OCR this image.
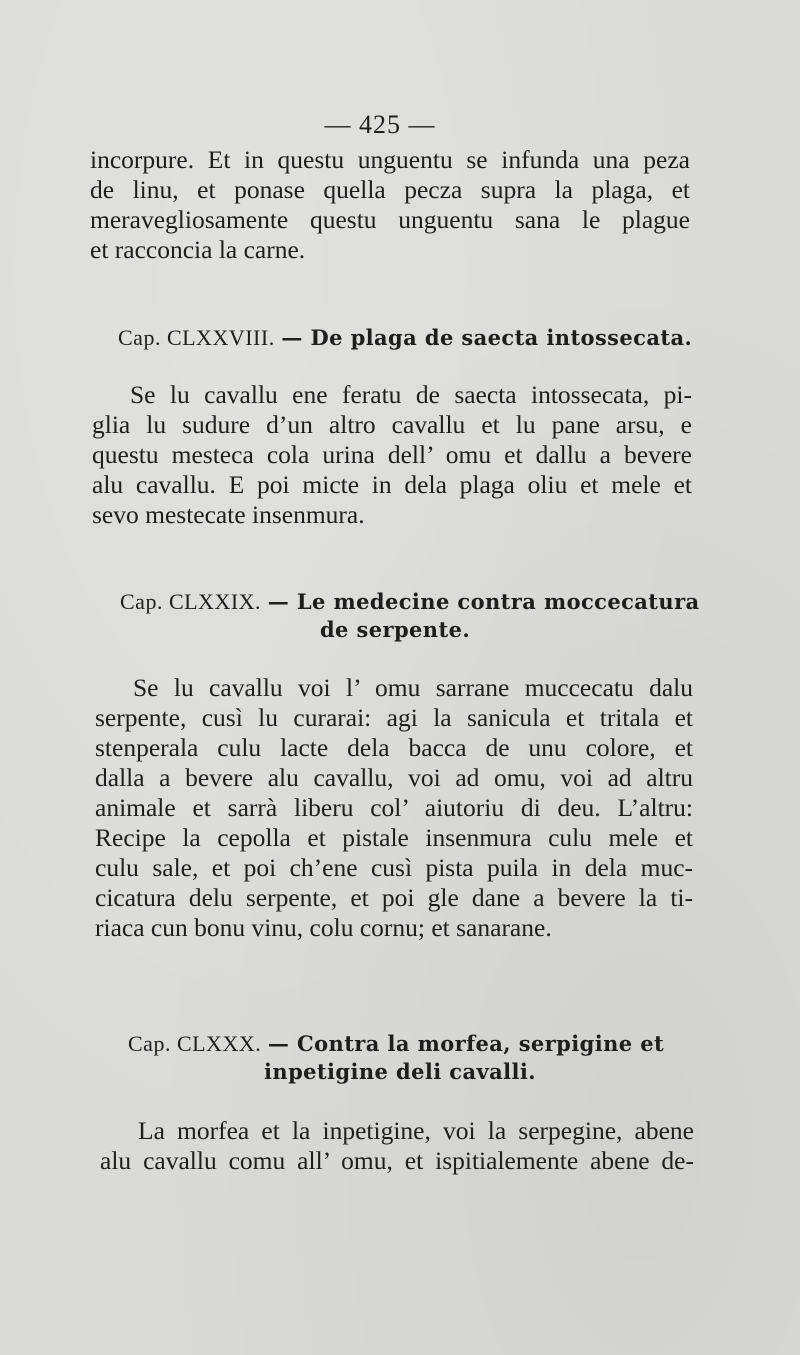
— 425 —
incorpure. Et in questu unguentu se infunda una peza
de linu, et ponase quella pecza supra la plaga, et
meravegliosamente questu unguentu sana le plague
et racconcia la carne.
Cap. CLXXVIII. — De plaga de saecta intossecata.
Se lu cavallu ene feratu de saecta intossecata, pi-
glia lu sudure d’un altro cavallu et lu pane arsu, e
questu mesteca cola urina dell’ omu et dallu a bevere
alu cavallu. E poi micte in dela plaga oliu et mele et
sevo mestecate insenmura.
Cap. CLXXIX. — Le medecine contra moccecatura
de serpente.
Se lu cavallu voi l’ omu sarrane muccecatu dalu
serpente, cusì lu curarai: agi la sanicula et tritala et
stenperala culu lacte dela bacca de unu colore, et
dalla a bevere alu cavallu, voi ad omu, voi ad altru
animale et sarrà liberu col’ aiutoriu di deu. L’altru:
Recipe la cepolla et pistale insenmura culu mele et
culu sale, et poi ch’ene cusì pista puila in dela muc-
cicatura delu serpente, et poi gle dane a bevere la ti-
riaca cun bonu vinu, colu cornu; et sanarane.
Cap. CLXXX. — Contra la morfea, serpigine et
inpetigine deli cavalli.
La morfea et la inpetigine, voi la serpegine, abene
alu cavallu comu all’ omu, et ispitialemente abene de-
